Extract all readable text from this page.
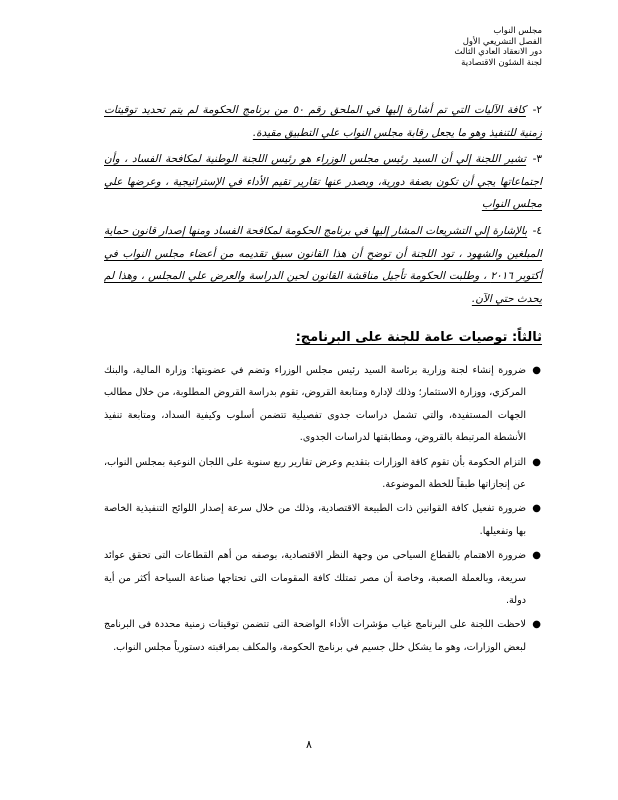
مجلس النواب
الفصل التشريعي الأول
دور الانعقاد العادي الثالث
لجنة الشئون الاقتصادية

٢- كافة الآليات التي تم أشارة إليها في الملحق رقم ٥٠ من برنامج الحكومة لم يتم تحديد توقيتات زمنية للتنفيذ وهو ما يجعل رقابة مجلس النواب علي التطبيق مقيدة.

٣- تشير اللجنة إلي أن السيد رئيس مجلس الوزراء هو رئيس اللجنة الوطنية لمكافحة الفساد ، وأن اجتماعاتها يجي أن تكون بصفة دورية، وبصدر عنها تقارير تقيم الأداء في الإستراتيجية ، وعرضها علي مجلس النواب

٤- بالإشارة إلي التشريعات المشار إليها في برنامج الحكومة لمكافحة الفساد ومنها إصدار قانون حماية المبلغين والشهود ، تود اللجنة أن توضح أن هذا القانون سبق تقديمه من أعضاء مجلس النواب في أكتوبر ٢٠١٦ ، وطلبت الحكومة تأجيل مناقشة القانون لحين الدراسة والعرض علي المجلس ، وهذا لم يحدث حتي الآن.

ثالثاً: توصيات عامة للجنة على البرنامج:
●
ضرورة إنشاء لجنة وزارية برئاسة السيد رئيس مجلس الوزراء وتضم في عضويتها: وزارة المالية، والبنك المركزي، ووزارة الاستثمار؛ وذلك لإدارة ومتابعة القروض، تقوم بدراسة القروض المطلوبة، من خلال مطالب الجهات المستفيدة، والتي تشمل دراسات جدوى تفصيلية تتضمن أسلوب وكيفية السداد، ومتابعة تنفيذ الأنشطة المرتبطة بالقروض، ومطابقتها لدراسات الجدوى.
●
التزام الحكومة بأن تقوم كافة الوزارات بتقديم وعرض تقارير ربع سنوية على اللجان النوعية بمجلس النواب، عن إنجازاتها طبقاً للخطة الموضوعة.
●
ضرورة تفعيل كافة القوانين ذات الطبيعة الاقتصادية، وذلك من خلال سرعة إصدار اللوائح التنفيذية الخاصة بها وتفعيلها.
●
ضرورة الاهتمام بالقطاع السياحى من وجهة النظر الاقتصادية، بوصفه من أهم القطاعات التى تحقق عوائد سريعة، وبالعملة الصعبة، وخاصة أن مصر تمتلك كافة المقومات التى تحتاجها صناعة السياحة أكثر من أية دولة.
●
لاحظت اللجنة على البرنامج غياب مؤشرات الأداء الواضحة التى تتضمن توقيتات زمنية محددة فى البرنامج لبعض الوزارات، وهو ما يشكل خلل جسيم في برنامج الحكومة، والمكلف بمراقبته دستورياً مجلس النواب.
٨
